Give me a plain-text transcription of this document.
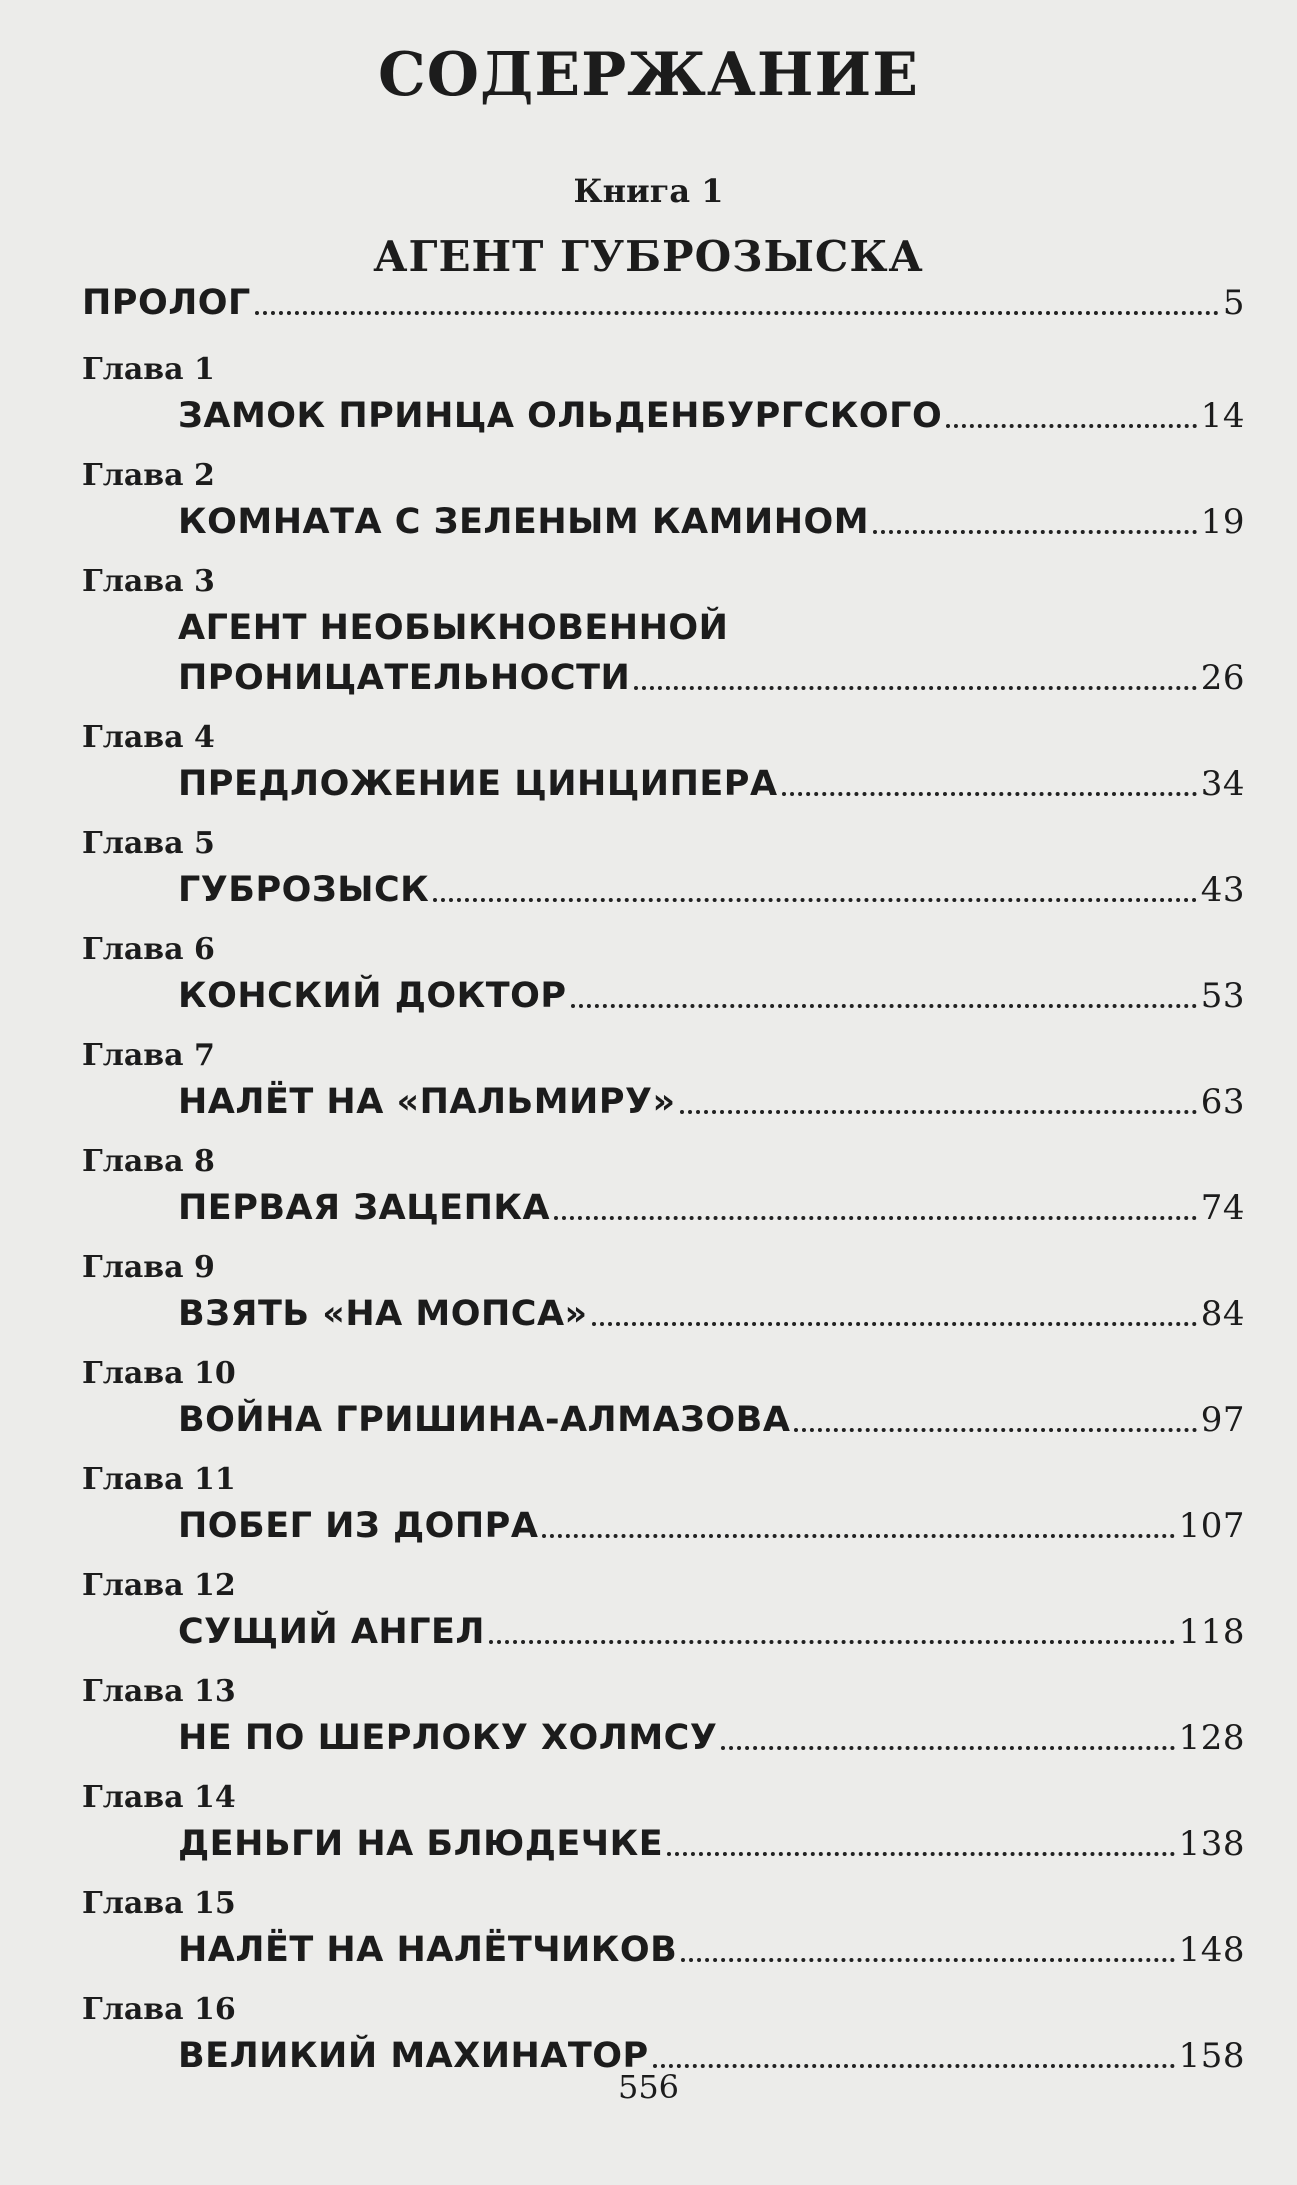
СОДЕРЖАНИЕ
Книга 1
АГЕНТ ГУБРОЗЫСКА
ПРОЛОГ	5
Глава 1
ЗАМОК ПРИНЦА ОЛЬДЕНБУРГСКОГО	14
Глава 2
КОМНАТА С ЗЕЛЕНЫМ КАМИНОМ	19
Глава 3
АГЕНТ НЕОБЫКНОВЕННОЙ
ПРОНИЦАТЕЛЬНОСТИ	26
Глава 4
ПРЕДЛОЖЕНИЕ ЦИНЦИПЕРА	34
Глава 5
ГУБРОЗЫСК	43
Глава 6
КОНСКИЙ ДОКТОР	53
Глава 7
НАЛЁТ НА «ПАЛЬМИРУ»	63
Глава 8
ПЕРВАЯ ЗАЦЕПКА	74
Глава 9
ВЗЯТЬ «НА МОПСА»	84
Глава 10
ВОЙНА ГРИШИНА-АЛМАЗОВА	97
Глава 11
ПОБЕГ ИЗ ДОПРА	107
Глава 12
СУЩИЙ АНГЕЛ	118
Глава 13
НЕ ПО ШЕРЛОКУ ХОЛМСУ	128
Глава 14
ДЕНЬГИ НА БЛЮДЕЧКЕ	138
Глава 15
НАЛЁТ НА НАЛЁТЧИКОВ	148
Глава 16
ВЕЛИКИЙ МАХИНАТОР	158
556
